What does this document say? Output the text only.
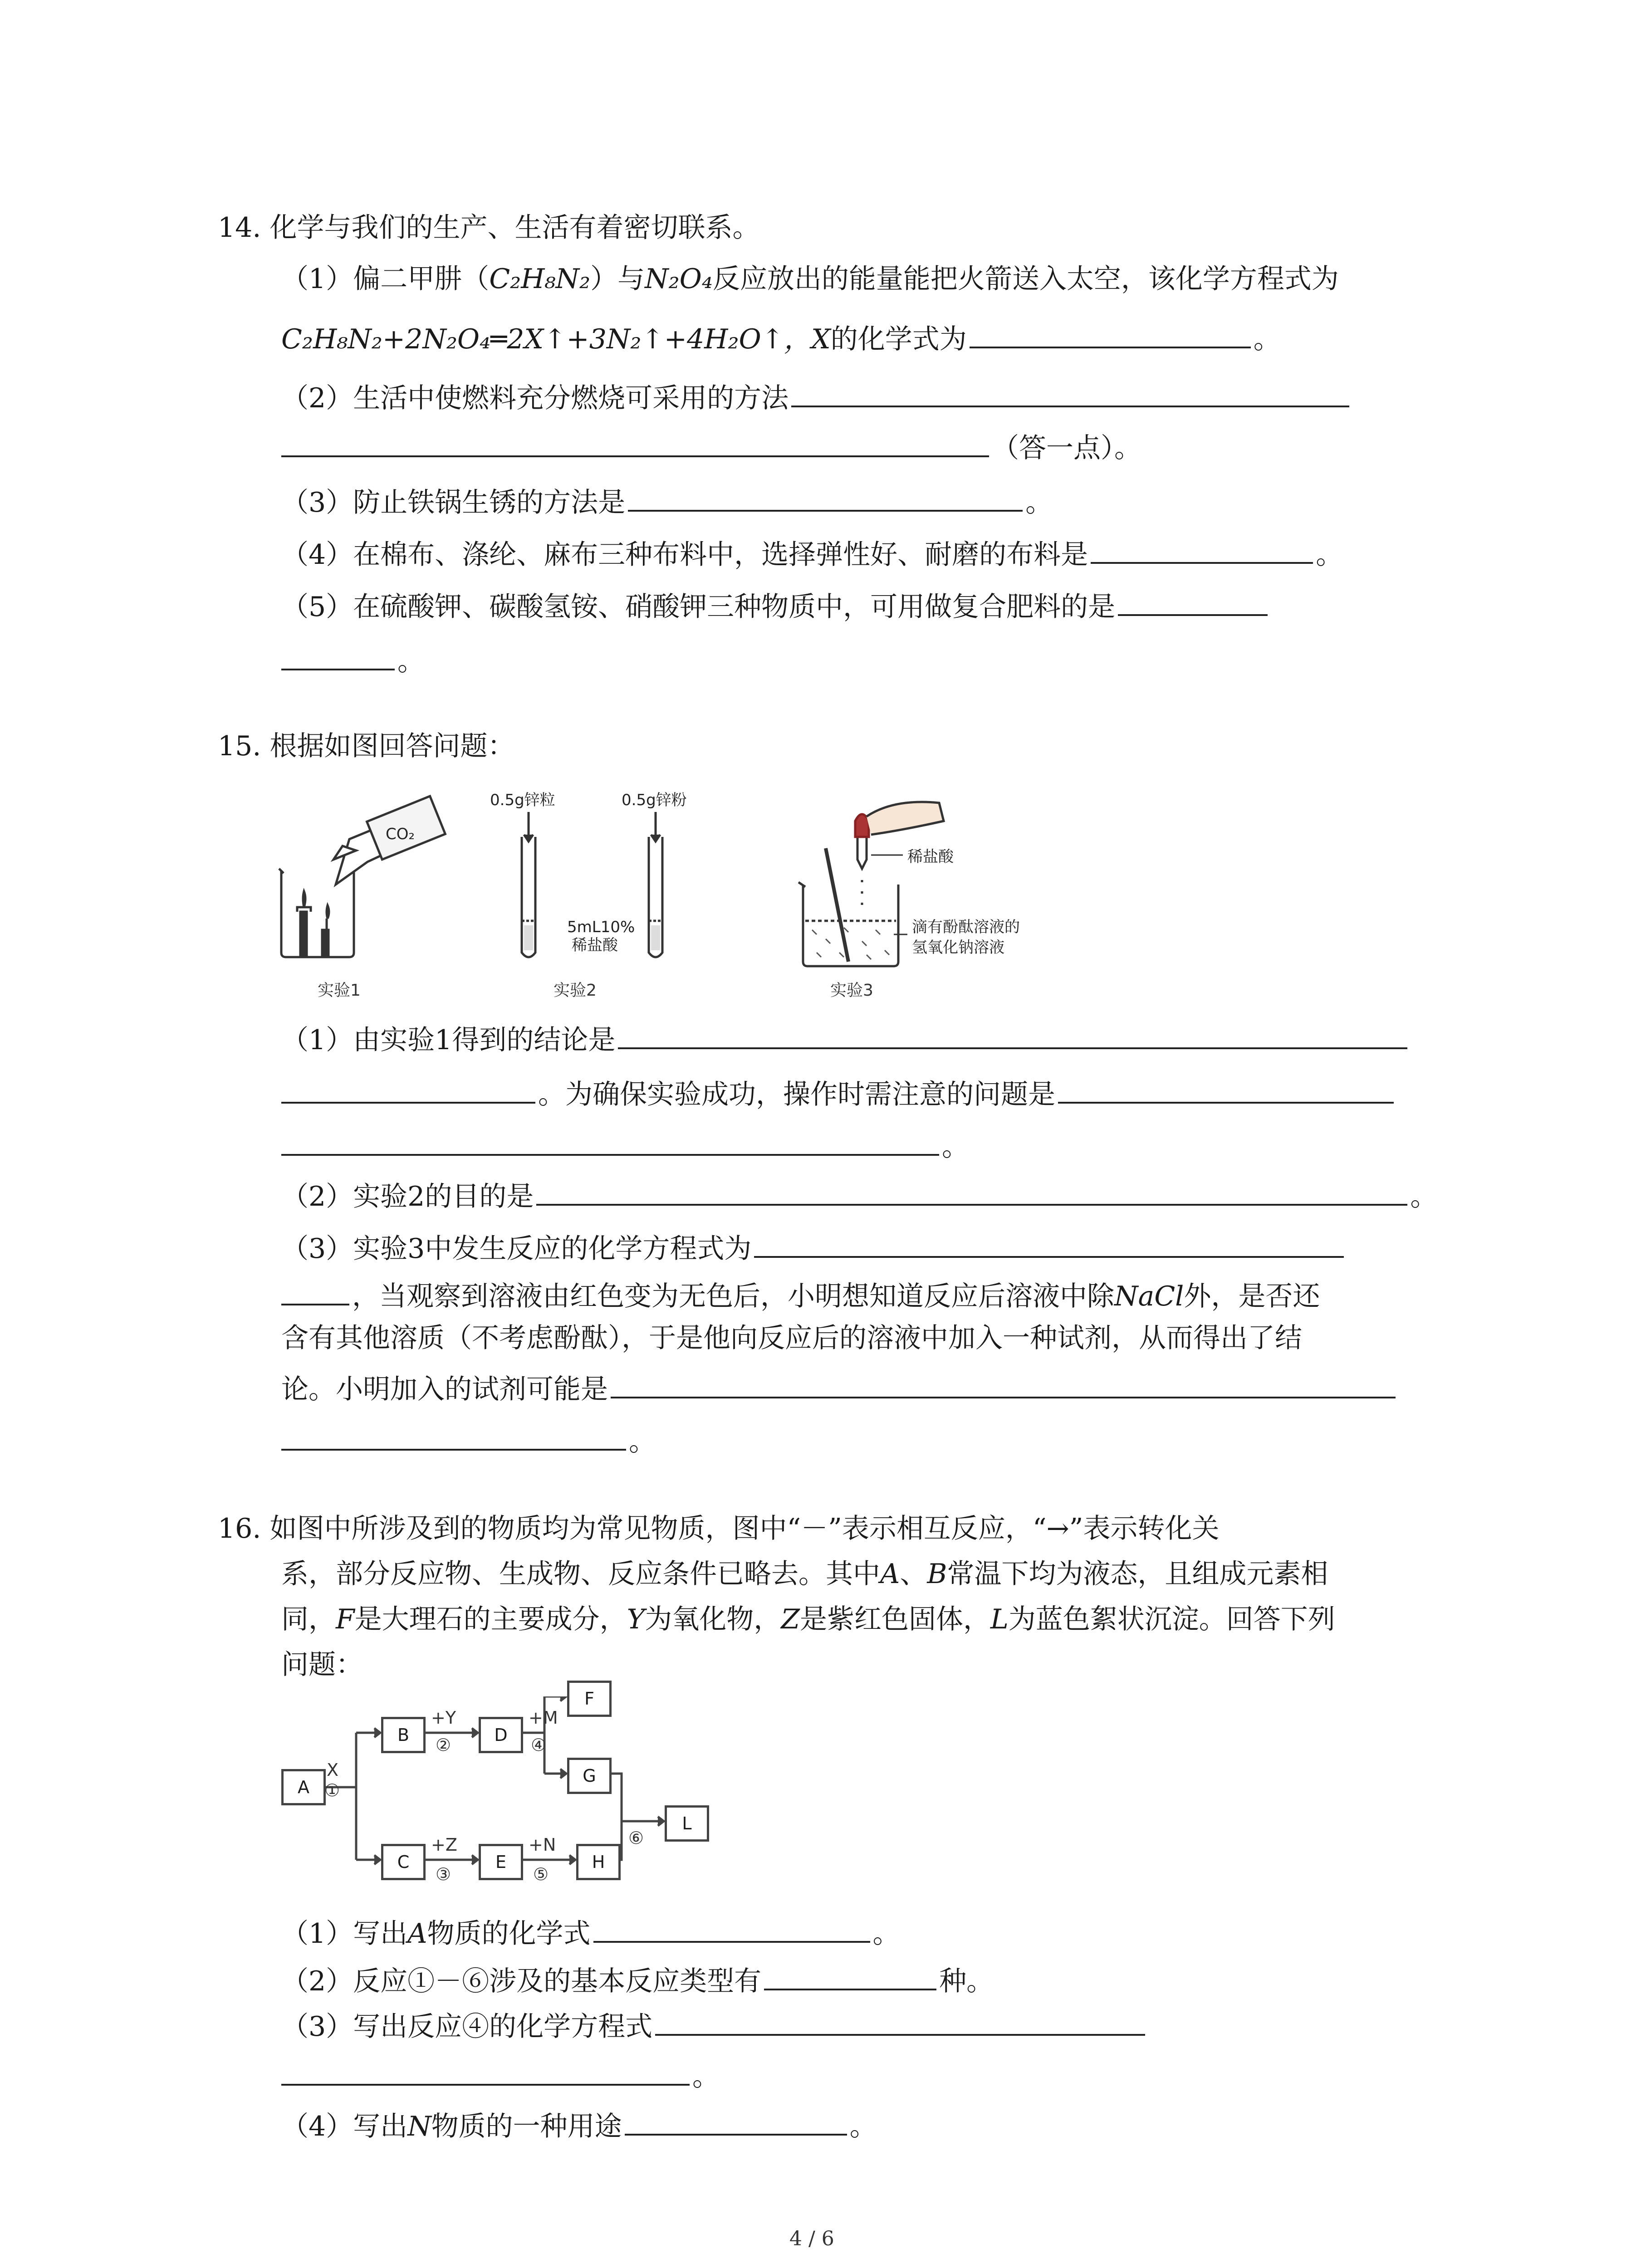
14. 化学与我们的生产、生活有着密切联系。
（1）偏二甲肼（C₂H₈N₂）与N₂O₄反应放出的能量能把火箭送入太空，该化学方程式为
C₂H₈N₂+2N₂O₄═2X↑+3N₂↑+4H₂O↑，X的化学式为	。
（2）生活中使燃料充分燃烧可采用的方法
（答一点）。
（3）防止铁锅生锈的方法是	。
（4）在棉布、涤纶、麻布三种布料中，选择弹性好、耐磨的布料是	。
（5）在硫酸钾、碳酸氢铵、硝酸钾三种物质中，可用做复合肥料的是
。
15. 根据如图回答问题：
CO₂
0.5g锌粒	0.5g锌粉
5mL10%
稀盐酸
稀盐酸
滴有酚酞溶液的
氢氧化钠溶液
实验1	实验2	实验3
（1）由实验1得到的结论是
。为确保实验成功，操作时需注意的问题是
。
（2）实验2的目的是	。
（3）实验3中发生反应的化学方程式为
，当观察到溶液由红色变为无色后，小明想知道反应后溶液中除NaCl外，是否还
含有其他溶质（不考虑酚酞），于是他向反应后的溶液中加入一种试剂，从而得出了结
论。小明加入的试剂可能是
。
16. 如图中所涉及到的物质均为常见物质，图中“－”表示相互反应，“→”表示转化关
系，部分反应物、生成物、反应条件已略去。其中A、B常温下均为液态，且组成元素相
同，F是大理石的主要成分，Y为氧化物，Z是紫红色固体，L为蓝色絮状沉淀。回答下列
问题：
A
B	D
F
G
C	E	H
L
X
①
+Y
②
+M
④
+Z
③
+N
⑤
⑥
（1）写出A物质的化学式	。
（2）反应①－⑥涉及的基本反应类型有	种。
（3）写出反应④的化学方程式
。
（4）写出N物质的一种用途	。
4 / 6
